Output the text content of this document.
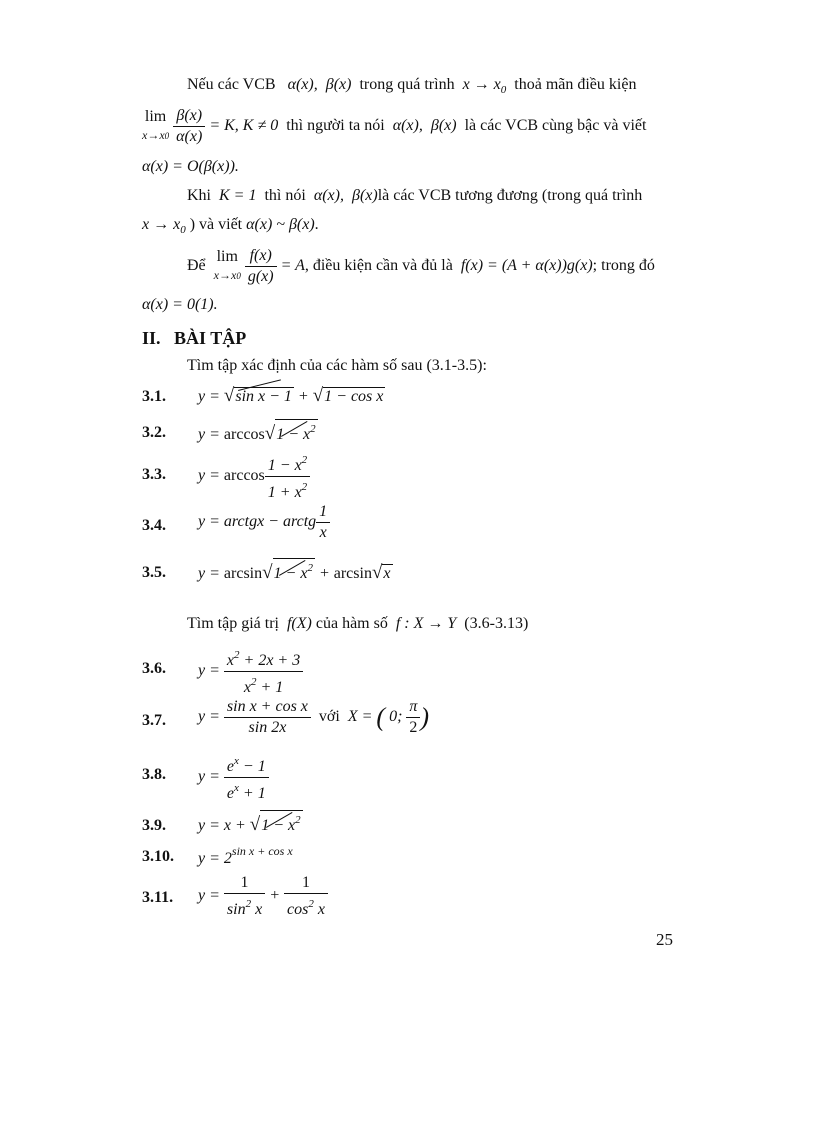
Nếu các VCB α(x),  β(x) trong quá trình $x \to x_0$ thoả mãn điều kiện
lim
x→x0
$\frac{\beta(x)}{\alpha(x)} = K$, K ≠ 0 thì người ta nói α(x),  β(x) là các VCB cùng bậc và viết
α(x) = O(β(x)).
Khi K = 1 thì nói α(x),  β(x)là các VCB tương đương (trong quá trình
$x \to x_0$ ) và viết α(x) ~ β(x).
Để  lim
x→x0
$\frac{f(x)}{g(x)} = A$, điều kiện cần và đủ là f(x) = (A + α(x))g(x); trong đó
α(x) = 0(1).
II. BÀI TẬP
Tìm tập xác định của các hàm số sau (3.1-3.5):
3.1. y = √sin x − 1
+ √1 − cos x
3.2. $y = \arccos√1 - x^2$
3.3. $y = \arccos \frac{1 - x^2}{1 + x^2}$
3.4. y = arctgx − arctg $\frac{1}{x}$
3.5. $y = \arcsin√1 - x^2$
+ arcsin√x
Tìm tập giá trị f(X) của hàm số f : X → Y (3.6-3.13)
3.6. $y = \frac{x^2 + 2x + 3}{x^2 + 1}$
3.7. $y = \frac{\text{sin x + cos x}}{\sin 2x}$ với  X = ( 0; $\frac{\pi}{2}$ )
3.8. $y = \frac{e^x - 1}{e^x + 1}$
3.9. $y = x + √1 - x^2$
3.10. $y = 2^{sin x + cos x}$
3.11. $y = \frac{1}{\sin^2 x} + \frac{1}{\cos^2 x}$
25
